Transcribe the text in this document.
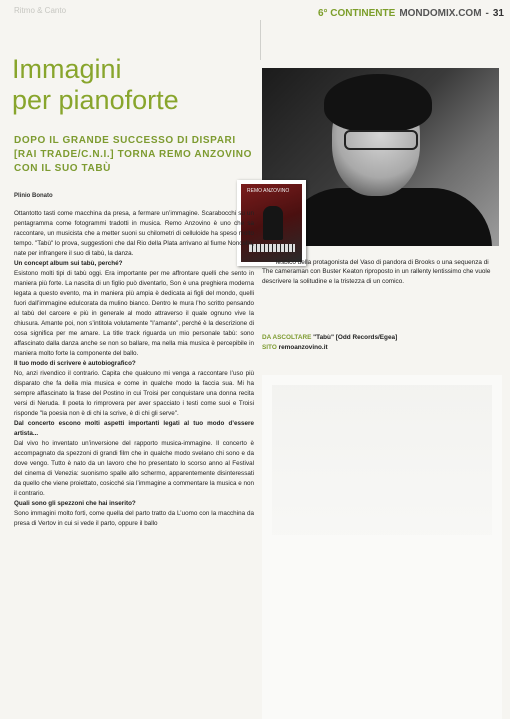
Ritmo & Canto	6° CONTINENTE MONDOMIX.COM - 31
Immagini
per pianoforte
DOPO IL GRANDE SUCCESSO DI DISPARI [RAI TRADE/C.N.I.] TORNA REMO ANZOVINO CON IL SUO TABÙ
Plinio Bonato
REMO ANZOVINO
lesbico della protagonista del Vaso di pandora di Brooks o una sequenza di The cameraman con Buster Keaton riproposto in un rallenty lentissimo che vuole descrivere la solitudine e la tristezza di un comico.
DA ASCOLTARE "Tabù" [Odd Records/Egea]
SITO remoanzovino.it

Ottantotto tasti come macchina da presa, a fermare un’immagine. Scarabocchi su un pentagramma come fotogrammi tradotti in musica. Remo Anzovino è uno che sa raccontare, un musicista che a metter suoni su chilometri di celluloide ha speso molto tempo. "Tabù" lo prova, suggestioni che dal Rio della Plata arrivano al fiume Noncello, nate per infrangere il suo di tabù, la danza.

Un concept album sui tabù, perché?

Esistono molti tipi di tabù oggi. Era importante per me affrontare quelli che sento in maniera più forte. La nascita di un figlio può diventarlo, Son è una preghiera moderna legata a questo evento, ma in maniera più ampia è dedicata ai figli del mondo, quelli fuori dall’immagine edulcorata da mulino bianco. Dentro le mura l’ho scritto pensando al tabù del carcere e più in generale al modo attraverso il quale ognuno vive la chiusura. Amante poi, non s’intitola volutamente "l’amante", perché è la descrizione di cosa significa per me amare. La title track riguarda un mio personale tabù: sono affascinato dalla danza anche se non so ballare, ma nella mia musica è percepibile in maniera molto forte la componente del ballo.

Il tuo modo di scrivere è autobiografico?

No, anzi rivendico il contrario. Capita che qualcuno mi venga a raccontare l’uso più disparato che fa della mia musica e come in qualche modo la faccia sua. Mi ha sempre affascinato la frase del Postino in cui Troisi per conquistare una donna recita versi di Neruda. Il poeta lo rimprovera per aver spacciato i testi come suoi e Troisi risponde "la poesia non è di chi la scrive, è di chi gli serve".

Dal concerto escono molti aspetti importanti legati al tuo modo d’essere artista...

Dal vivo ho inventato un’inversione del rapporto musica-immagine. Il concerto è accompagnato da spezzoni di grandi film che in qualche modo svelano chi sono e da dove vengo. Tutto è nato da un lavoro che ho presentato lo scorso anno al Festival del cinema di Venezia: suonismo spalle allo schermo, apparentemente disinteressati da quello che viene proiettato, cosicché sia l’immagine a commentare la musica e non il contrario.

Quali sono gli spezzoni che hai inserito?

Sono immagini molto forti, come quella del parto tratto da L’uomo con la macchina da presa di Vertov in cui si vede il parto, oppure il ballo
